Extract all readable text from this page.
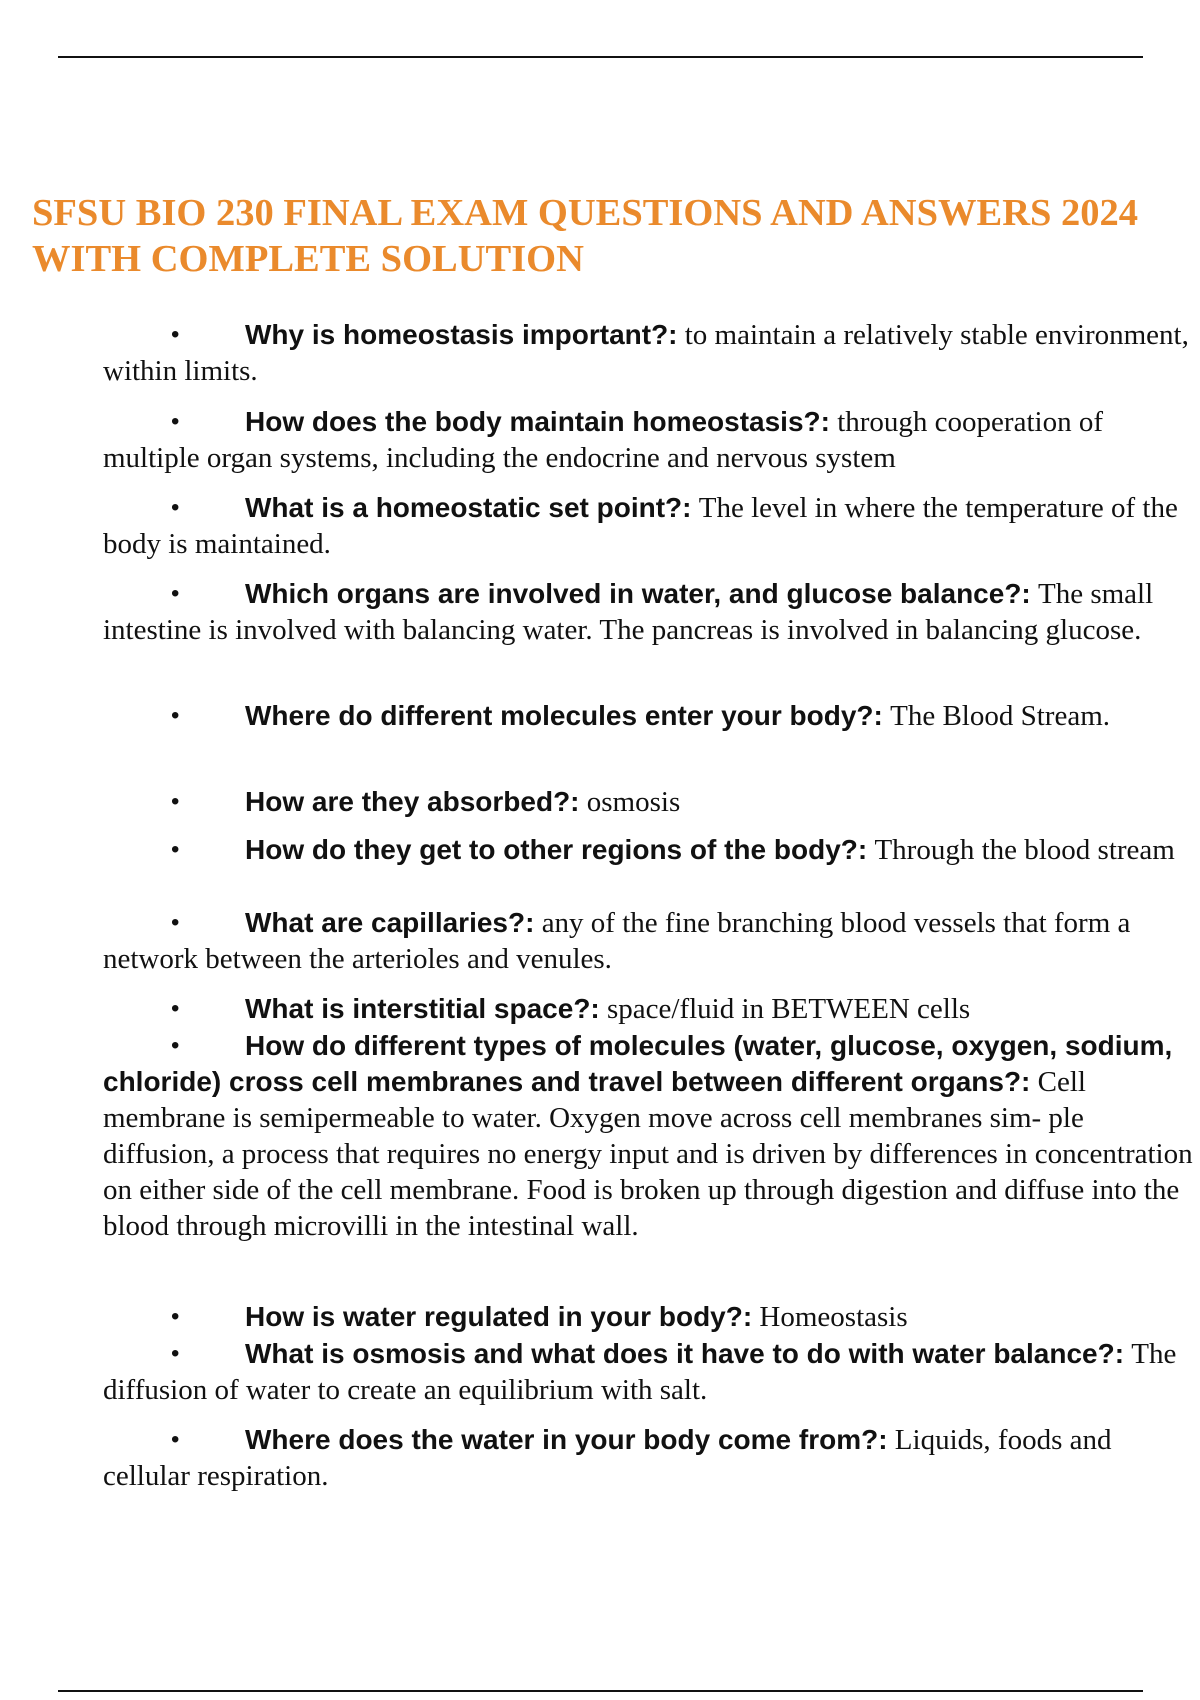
SFSU BIO 230 FINAL EXAM QUESTIONS AND ANSWERS 2024 WITH COMPLETE SOLUTION

• Why is homeostasis important?: to maintain a relatively stable environment, within limits.

• How does the body maintain homeostasis?: through cooperation of multiple organ systems, including the endocrine and nervous system

• What is a homeostatic set point?: The level in where the temperature of the body is maintained.

• Which organs are involved in water, and glucose balance?: The small intestine is involved with balancing water. The pancreas is involved in balancing glucose.

• Where do different molecules enter your body?: The Blood Stream.

• How are they absorbed?: osmosis

• How do they get to other regions of the body?: Through the blood stream

• What are capillaries?: any of the fine branching blood vessels that form a network between the arterioles and venules.

• What is interstitial space?: space/fluid in BETWEEN cells

• How do different types of molecules (water, glucose, oxygen, sodium, chloride) cross cell membranes and travel between different organs?: Cell membrane is semipermeable to water. Oxygen move across cell membranes sim- ple diffusion, a process that requires no energy input and is driven by differences in concentration on either side of the cell membrane. Food is broken up through digestion and diffuse into the blood through microvilli in the intestinal wall.

• How is water regulated in your body?: Homeostasis

• What is osmosis and what does it have to do with water balance?: The diffusion of water to create an equilibrium with salt.

• Where does the water in your body come from?: Liquids, foods and cellular respiration.
